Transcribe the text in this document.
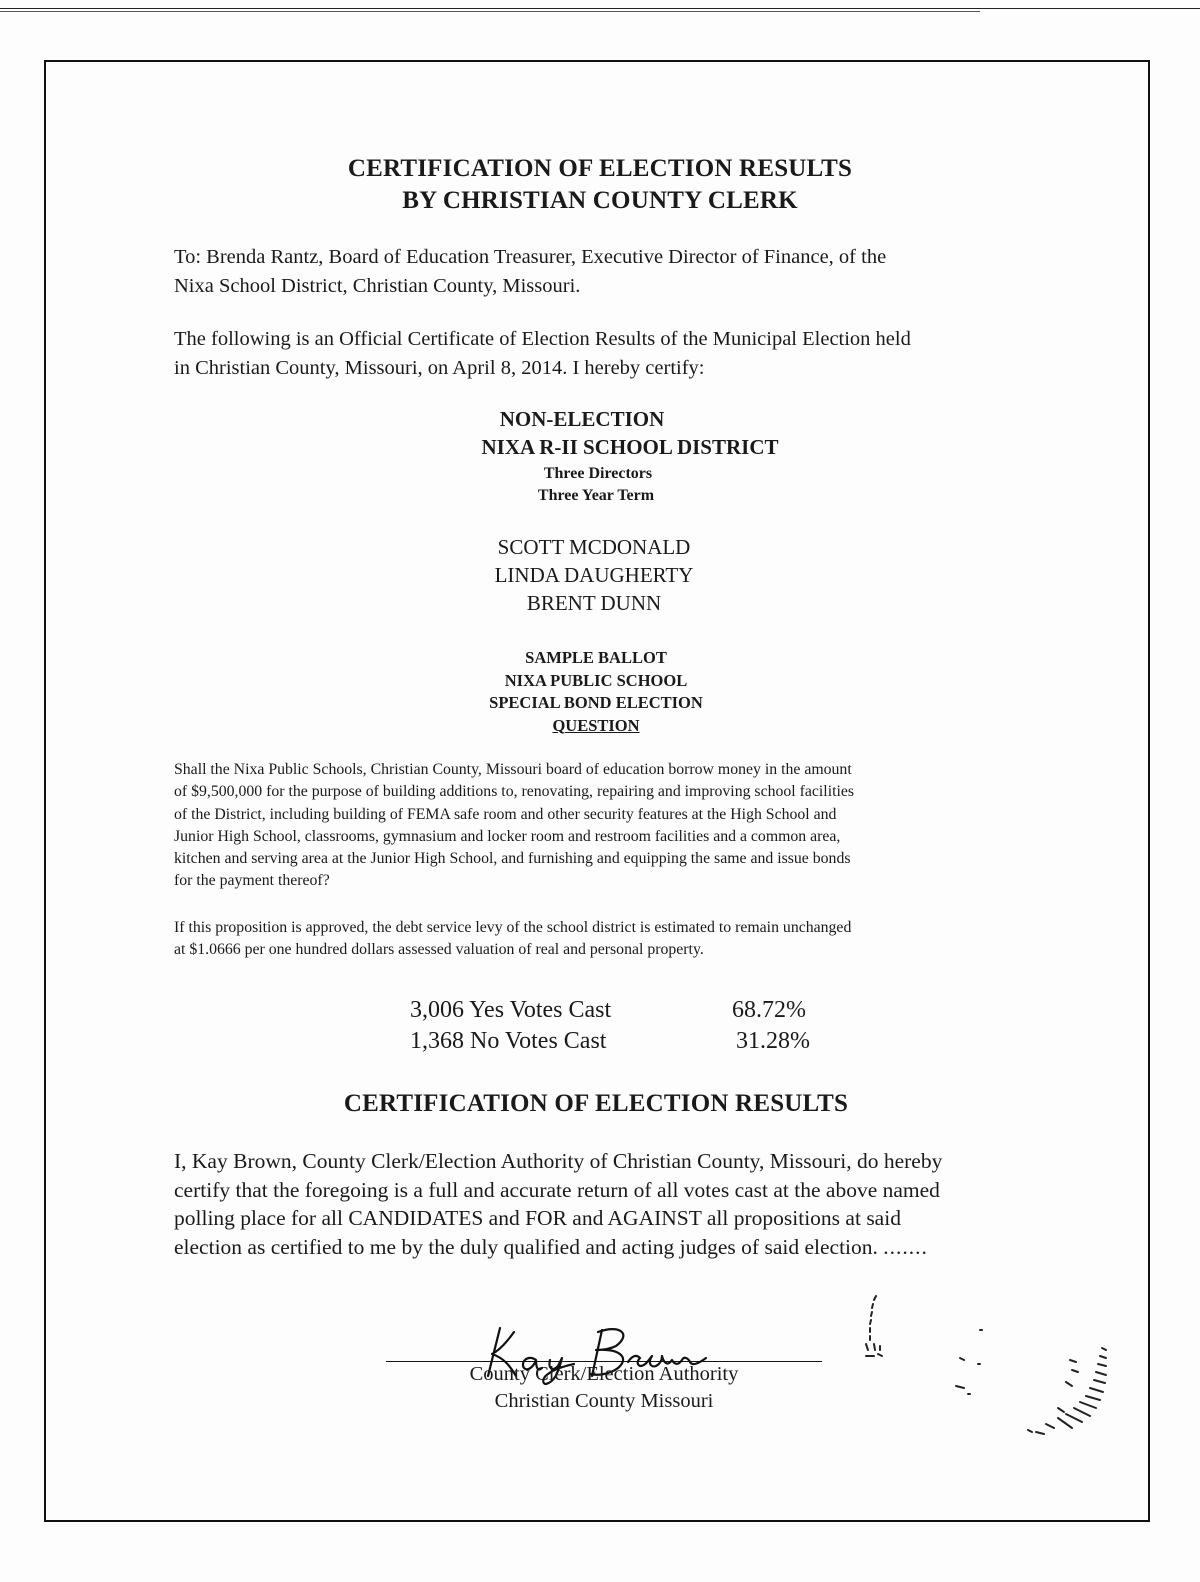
CERTIFICATION OF ELECTION RESULTS
BY CHRISTIAN COUNTY CLERK
To: Brenda Rantz, Board of Education Treasurer, Executive Director of Finance, of the
Nixa School District, Christian County, Missouri.
The following is an Official Certificate of Election Results of the Municipal Election held
in Christian County, Missouri, on April 8, 2014. I hereby certify:
NON-ELECTION
NIXA R-II SCHOOL DISTRICT
Three Directors
Three Year Term
SCOTT MCDONALD
LINDA DAUGHERTY
BRENT DUNN
SAMPLE BALLOT
NIXA PUBLIC SCHOOL
SPECIAL BOND ELECTION
QUESTION
Shall the Nixa Public Schools, Christian County, Missouri board of education borrow money in the amount
of $9,500,000 for the purpose of building additions to, renovating, repairing and improving school facilities
of the District, including building of FEMA safe room and other security features at the High School and
Junior High School, classrooms, gymnasium and locker room and restroom facilities and a common area,
kitchen and serving area at the Junior High School, and furnishing and equipping the same and issue bonds
for the payment thereof?
If this proposition is approved, the debt service levy of the school district is estimated to remain unchanged
at $1.0666 per one hundred dollars assessed valuation of real and personal property.
3,006 Yes Votes Cast	68.72%
1,368 No Votes Cast	31.28%
CERTIFICATION OF ELECTION RESULTS
I, Kay Brown, County Clerk/Election Authority of Christian County, Missouri, do hereby
certify that the foregoing is a full and accurate return of all votes cast at the above named
polling place for all CANDIDATES and FOR and AGAINST all propositions at said
election as certified to me by the duly qualified and acting judges of said election. .......
County Clerk/Election Authority
Christian County Missouri
